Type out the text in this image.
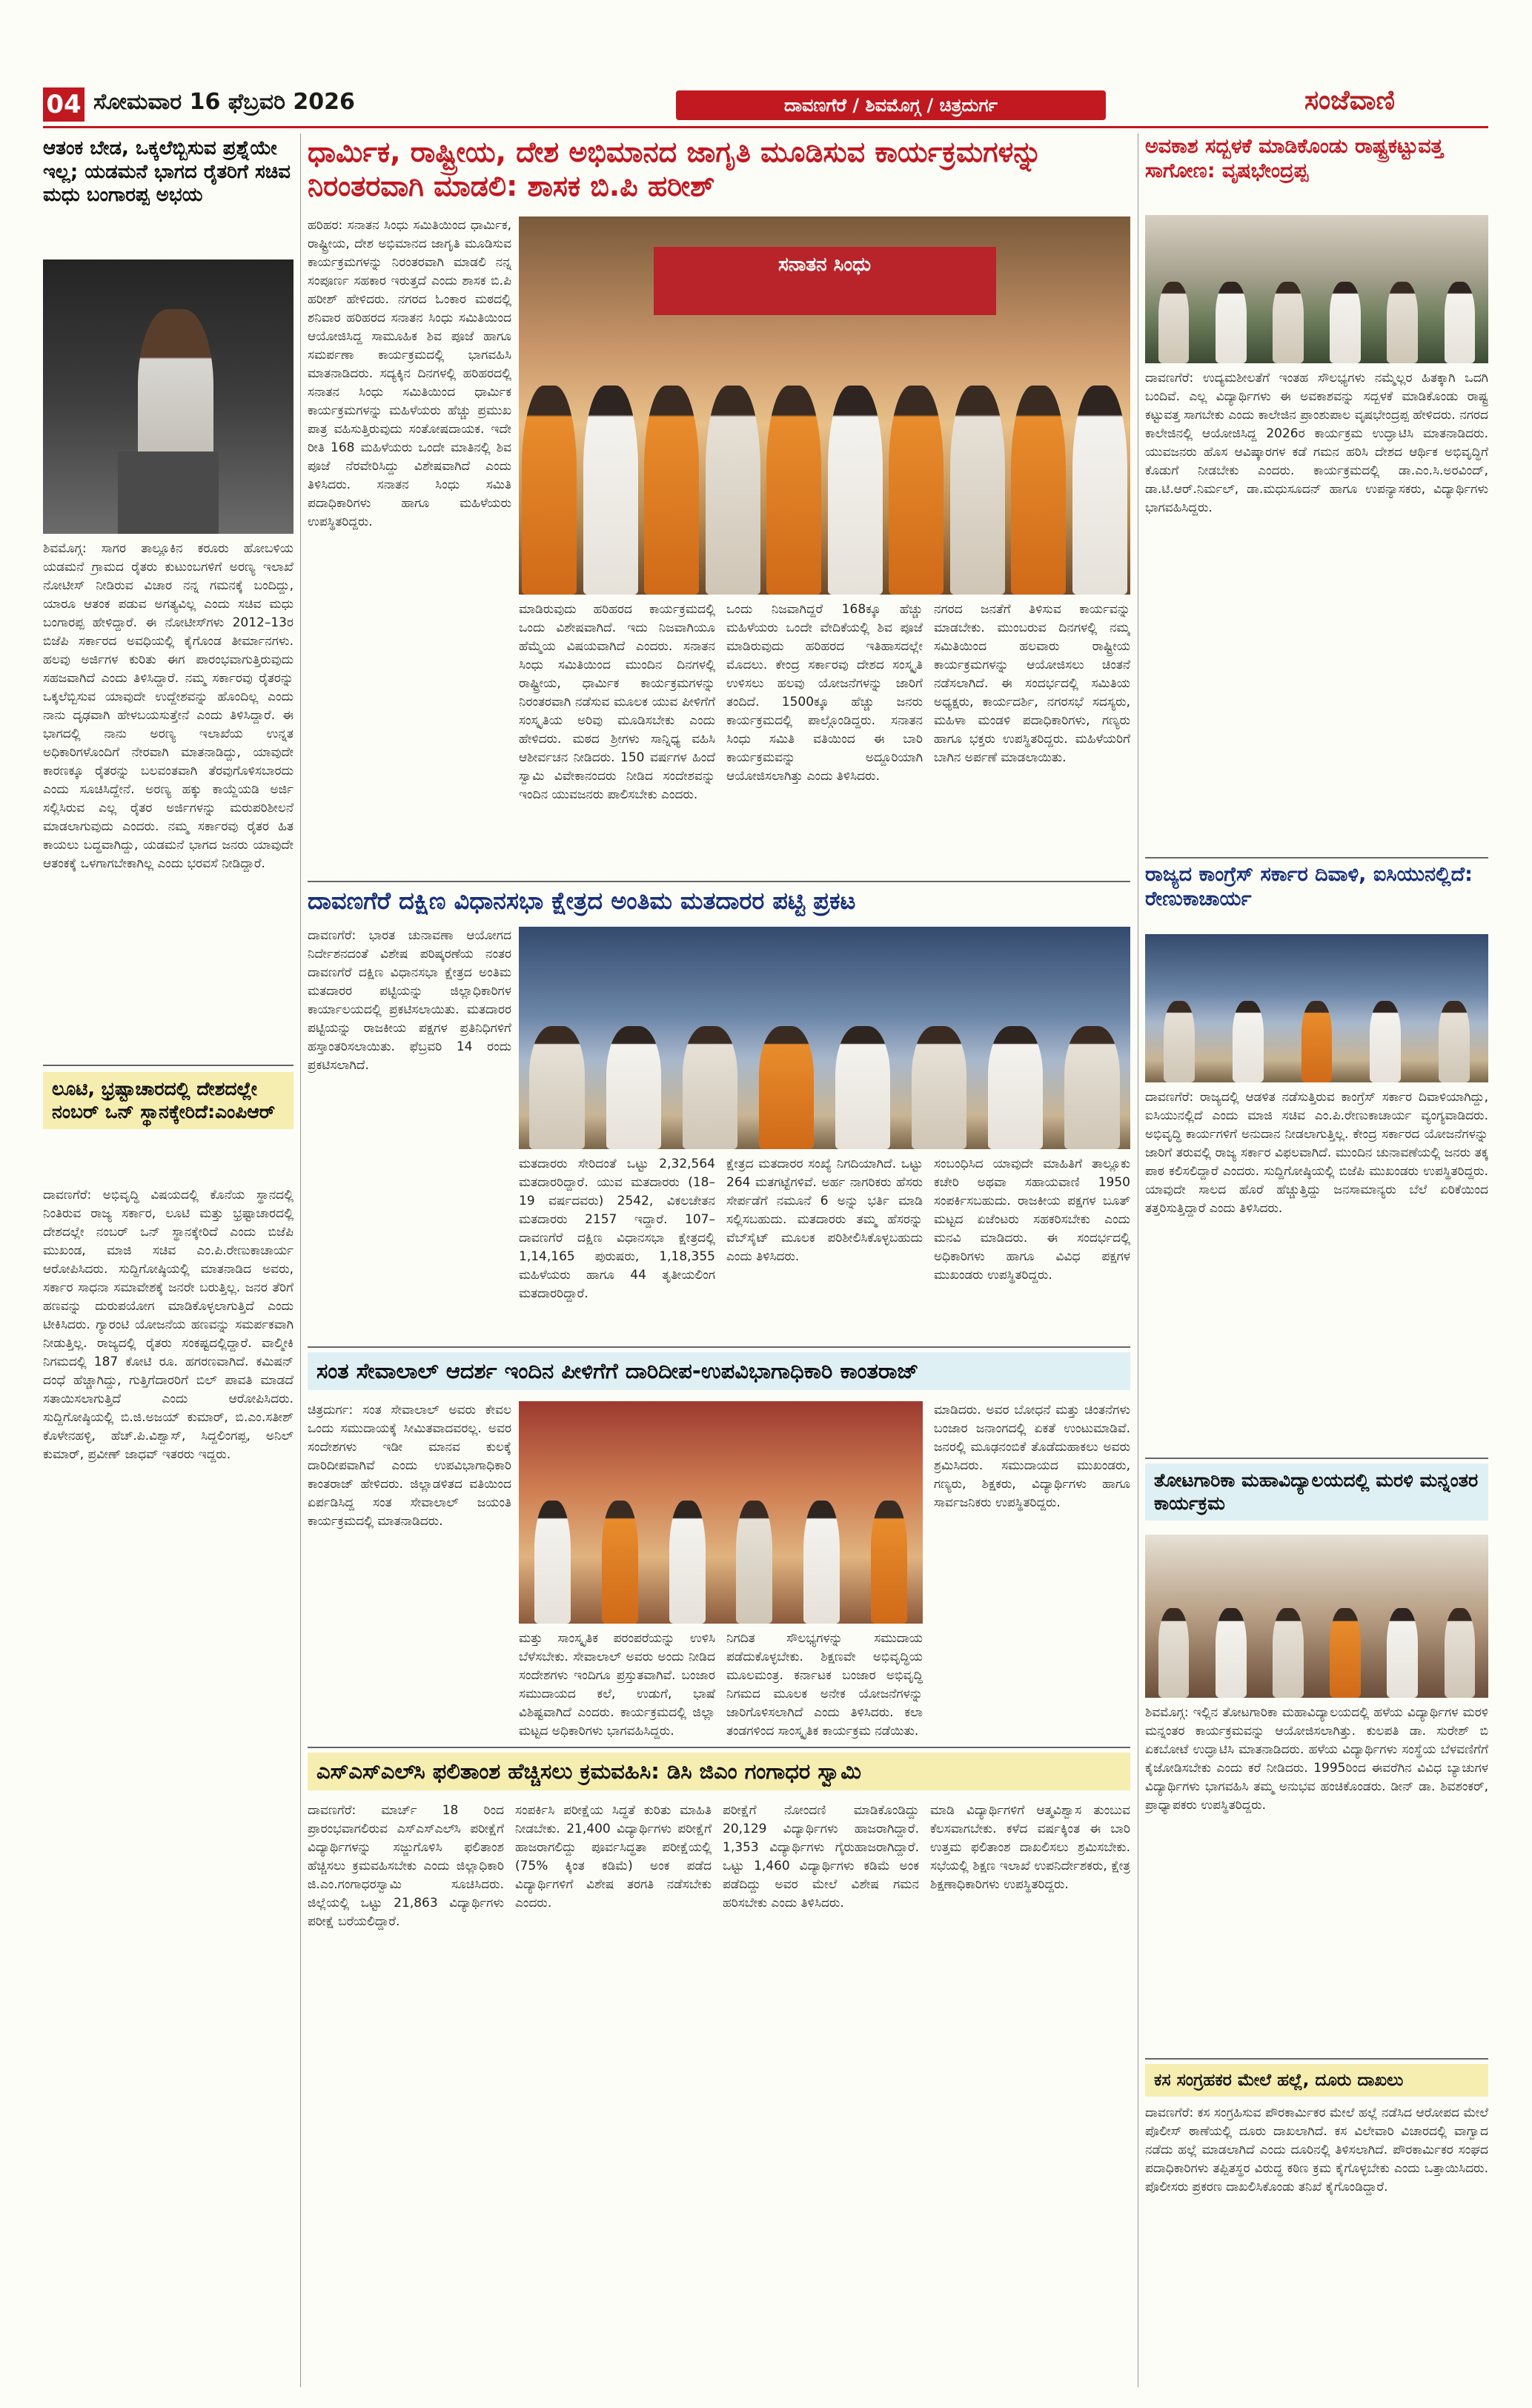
04 ಸೋಮವಾರ 16 ಫೆಬ್ರವರಿ 2026	ದಾವಣಗೆರೆ / ಶಿವಮೊಗ್ಗ / ಚಿತ್ರದುರ್ಗ	ಸಂಜೆವಾಣಿ
ಆತಂಕ ಬೇಡ, ಒಕ್ಕಲೆಬ್ಬಿಸುವ ಪ್ರಶ್ನೆಯೇ ಇಲ್ಲ; ಯಡಮನೆ ಭಾಗದ ರೈತರಿಗೆ ಸಚಿವ ಮಧು ಬಂಗಾರಪ್ಪ ಅಭಯ
ಶಿವಮೊಗ್ಗ: ಸಾಗರ ತಾಲ್ಲೂಕಿನ ಕರೂರು ಹೋಬಳಿಯ ಯಡಮನೆ ಗ್ರಾಮದ ರೈತರು ಕುಟುಂಬಗಳಿಗೆ ಅರಣ್ಯ ಇಲಾಖೆ ನೋಟೀಸ್ ನೀಡಿರುವ ವಿಚಾರ ನನ್ನ ಗಮನಕ್ಕೆ ಬಂದಿದ್ದು, ಯಾರೂ ಆತಂಕ ಪಡುವ ಅಗತ್ಯವಿಲ್ಲ ಎಂದು ಸಚಿವ ಮಧು ಬಂಗಾರಪ್ಪ ಹೇಳಿದ್ದಾರೆ. ಈ ನೋಟೀಸ್‍ಗಳು 2012–13ರ ಬಿಜೆಪಿ ಸರ್ಕಾರದ ಅವಧಿಯಲ್ಲಿ ಕೈಗೊಂಡ ತೀರ್ಮಾನಗಳು. ಹಲವು ಅರ್ಜಿಗಳ ಕುರಿತು ಈಗ ಪಾರಂಭವಾಗುತ್ತಿರುವುದು ಸಹಜವಾಗಿದೆ ಎಂದು ತಿಳಿಸಿದ್ದಾರೆ. ನಮ್ಮ ಸರ್ಕಾರವು ರೈತರನ್ನು ಒಕ್ಕಲೆಬ್ಬಿಸುವ ಯಾವುದೇ ಉದ್ದೇಶವನ್ನು ಹೊಂದಿಲ್ಲ ಎಂದು ನಾನು ದೃಢವಾಗಿ ಹೇಳಬಯಸುತ್ತೇನೆ ಎಂದು ತಿಳಿಸಿದ್ದಾರೆ. ಈ ಭಾಗದಲ್ಲಿ ನಾನು ಅರಣ್ಯ ಇಲಾಖೆಯ ಉನ್ನತ ಅಧಿಕಾರಿಗಳೊಂದಿಗೆ ನೇರವಾಗಿ ಮಾತನಾಡಿದ್ದು, ಯಾವುದೇ ಕಾರಣಕ್ಕೂ ರೈತರನ್ನು ಬಲವಂತವಾಗಿ ತೆರವುಗೊಳಿಸಬಾರದು ಎಂದು ಸೂಚಿಸಿದ್ದೇನೆ. ಅರಣ್ಯ ಹಕ್ಕು ಕಾಯ್ದೆಯಡಿ ಅರ್ಜಿ ಸಲ್ಲಿಸಿರುವ ಎಲ್ಲ ರೈತರ ಅರ್ಜಿಗಳನ್ನು ಮರುಪರಿಶೀಲನೆ ಮಾಡಲಾಗುವುದು ಎಂದರು. ನಮ್ಮ ಸರ್ಕಾರವು ರೈತರ ಹಿತ ಕಾಯಲು ಬದ್ಧವಾಗಿದ್ದು, ಯಡಮನೆ ಭಾಗದ ಜನರು ಯಾವುದೇ ಆತಂಕಕ್ಕೆ ಒಳಗಾಗಬೇಕಾಗಿಲ್ಲ ಎಂದು ಭರವಸೆ ನೀಡಿದ್ದಾರೆ.
ಲೂಟಿ, ಭ್ರಷ್ಟಾಚಾರದಲ್ಲಿ ದೇಶದಲ್ಲೇ ನಂಬರ್ ಒನ್ ಸ್ಥಾನಕ್ಕೇರಿದೆ:ಎಂಪಿಆರ್
ದಾವಣಗೆರೆ: ಅಭಿವೃದ್ಧಿ ವಿಷಯದಲ್ಲಿ ಕೊನೆಯ ಸ್ಥಾನದಲ್ಲಿ ನಿಂತಿರುವ ರಾಜ್ಯ ಸರ್ಕಾರ, ಲೂಟಿ ಮತ್ತು ಭ್ರಷ್ಟಾಚಾರದಲ್ಲಿ ದೇಶದಲ್ಲೇ ನಂಬರ್ ಒನ್ ಸ್ಥಾನಕ್ಕೇರಿದೆ ಎಂದು ಬಿಜೆಪಿ ಮುಖಂಡ, ಮಾಜಿ ಸಚಿವ ಎಂ.ಪಿ.ರೇಣುಕಾಚಾರ್ಯ ಆರೋಪಿಸಿದರು. ಸುದ್ದಿಗೋಷ್ಠಿಯಲ್ಲಿ ಮಾತನಾಡಿದ ಅವರು, ಸರ್ಕಾರ ಸಾಧನಾ ಸಮಾವೇಶಕ್ಕೆ ಜನರೇ ಬರುತ್ತಿಲ್ಲ. ಜನರ ತೆರಿಗೆ ಹಣವನ್ನು ದುರುಪಯೋಗ ಮಾಡಿಕೊಳ್ಳಲಾಗುತ್ತಿದೆ ಎಂದು ಟೀಕಿಸಿದರು. ಗ್ಯಾರಂಟಿ ಯೋಜನೆಯ ಹಣವನ್ನು ಸಮರ್ಪಕವಾಗಿ ನೀಡುತ್ತಿಲ್ಲ. ರಾಜ್ಯದಲ್ಲಿ ರೈತರು ಸಂಕಷ್ಟದಲ್ಲಿದ್ದಾರೆ. ವಾಲ್ಮೀಕಿ ನಿಗಮದಲ್ಲಿ 187 ಕೋಟಿ ರೂ. ಹಗರಣವಾಗಿದೆ. ಕಮಿಷನ್ ದಂಧೆ ಹೆಚ್ಚಾಗಿದ್ದು, ಗುತ್ತಿಗೆದಾರರಿಗೆ ಬಿಲ್ ಪಾವತಿ ಮಾಡದೆ ಸತಾಯಿಸಲಾಗುತ್ತಿದೆ ಎಂದು ಆರೋಪಿಸಿದರು. ಸುದ್ದಿಗೋಷ್ಠಿಯಲ್ಲಿ ಬಿ.ಜಿ.ಅಜಯ್ ಕುಮಾರ್, ಬಿ.ಎಂ.ಸತೀಶ್ ಕೊಳೇನಹಳ್ಳಿ, ಹೆಚ್.ಪಿ.ವಿಶ್ವಾಸ್, ಸಿದ್ದಲಿಂಗಪ್ಪ, ಅನಿಲ್ ಕುಮಾರ್, ಪ್ರವೀಣ್ ಜಾಧವ್ ಇತರರು ಇದ್ದರು.
ಧಾರ್ಮಿಕ, ರಾಷ್ಟ್ರೀಯ, ದೇಶ ಅಭಿಮಾನದ ಜಾಗೃತಿ ಮೂಡಿಸುವ ಕಾರ್ಯಕ್ರಮಗಳನ್ನು ನಿರಂತರವಾಗಿ ಮಾಡಲಿ: ಶಾಸಕ ಬಿ.ಪಿ ಹರೀಶ್
ಹರಿಹರ: ಸನಾತನ ಸಿಂಧು ಸಮಿತಿಯಿಂದ ಧಾರ್ಮಿಕ, ರಾಷ್ಟ್ರೀಯ, ದೇಶ ಅಭಿಮಾನದ ಜಾಗೃತಿ ಮೂಡಿಸುವ ಕಾರ್ಯಕ್ರಮಗಳನ್ನು ನಿರಂತರವಾಗಿ ಮಾಡಲಿ ನನ್ನ ಸಂಪೂರ್ಣ ಸಹಕಾರ ಇರುತ್ತದೆ ಎಂದು ಶಾಸಕ ಬಿ.ಪಿ ಹರೀಶ್ ಹೇಳಿದರು. ನಗರದ ಓಂಕಾರ ಮಠದಲ್ಲಿ ಶನಿವಾರ ಹರಿಹರದ ಸನಾತನ ಸಿಂಧು ಸಮಿತಿಯಿಂದ ಆಯೋಜಿಸಿದ್ದ ಸಾಮೂಹಿಕ ಶಿವ ಪೂಜೆ ಹಾಗೂ ಸಮರ್ಪಣಾ ಕಾರ್ಯಕ್ರಮದಲ್ಲಿ ಭಾಗವಹಿಸಿ ಮಾತನಾಡಿದರು. ಸದ್ಯಕ್ಕಿನ ದಿನಗಳಲ್ಲಿ ಹರಿಹರದಲ್ಲಿ ಸನಾತನ ಸಿಂಧು ಸಮಿತಿಯಿಂದ ಧಾರ್ಮಿಕ ಕಾರ್ಯಕ್ರಮಗಳನ್ನು ಮಹಿಳೆಯರು ಹೆಚ್ಚು ಪ್ರಮುಖ ಪಾತ್ರ ವಹಿಸುತ್ತಿರುವುದು ಸಂತೋಷದಾಯಕ. ಇದೇ ರೀತಿ 168 ಮಹಿಳೆಯರು ಒಂದೇ ಮಾತಿನಲ್ಲಿ ಶಿವ ಪೂಜೆ ನೆರವೇರಿಸಿದ್ದು ವಿಶೇಷವಾಗಿದೆ ಎಂದು ತಿಳಿಸಿದರು. ಸನಾತನ ಸಿಂಧು ಸಮಿತಿ ಪದಾಧಿಕಾರಿಗಳು ಹಾಗೂ ಮಹಿಳೆಯರು ಉಪಸ್ಥಿತರಿದ್ದರು.
ಸನಾತನ ಸಿಂಧು
ಮಾಡಿರುವುದು ಹರಿಹರದ ಕಾರ್ಯಕ್ರಮದಲ್ಲಿ ಒಂದು ವಿಶೇಷವಾಗಿದೆ. ಇದು ನಿಜವಾಗಿಯೂ ಹೆಮ್ಮೆಯ ವಿಷಯವಾಗಿದೆ ಎಂದರು. ಸನಾತನ ಸಿಂಧು ಸಮಿತಿಯಿಂದ ಮುಂದಿನ ದಿನಗಳಲ್ಲಿ ರಾಷ್ಟ್ರೀಯ, ಧಾರ್ಮಿಕ ಕಾರ್ಯಕ್ರಮಗಳನ್ನು ನಿರಂತರವಾಗಿ ನಡೆಸುವ ಮೂಲಕ ಯುವ ಪೀಳಿಗೆಗೆ ಸಂಸ್ಕೃತಿಯ ಅರಿವು ಮೂಡಿಸಬೇಕು ಎಂದು ಹೇಳಿದರು. ಮಠದ ಶ್ರೀಗಳು ಸಾನ್ನಿಧ್ಯ ವಹಿಸಿ ಆಶೀರ್ವಚನ ನೀಡಿದರು. 150 ವರ್ಷಗಳ ಹಿಂದೆ ಸ್ವಾಮಿ ವಿವೇಕಾನಂದರು ನೀಡಿದ ಸಂದೇಶವನ್ನು ಇಂದಿನ ಯುವಜನರು ಪಾಲಿಸಬೇಕು ಎಂದರು.
ಒಂದು ನಿಜವಾಗಿದ್ದರೆ 168ಕ್ಕೂ ಹೆಚ್ಚು ಮಹಿಳೆಯರು ಒಂದೇ ವೇದಿಕೆಯಲ್ಲಿ ಶಿವ ಪೂಜೆ ಮಾಡಿರುವುದು ಹರಿಹರದ ಇತಿಹಾಸದಲ್ಲೇ ಮೊದಲು. ಕೇಂದ್ರ ಸರ್ಕಾರವು ದೇಶದ ಸಂಸ್ಕೃತಿ ಉಳಿಸಲು ಹಲವು ಯೋಜನೆಗಳನ್ನು ಜಾರಿಗೆ ತಂದಿದೆ. 1500ಕ್ಕೂ ಹೆಚ್ಚು ಜನರು ಕಾರ್ಯಕ್ರಮದಲ್ಲಿ ಪಾಲ್ಗೊಂಡಿದ್ದರು. ಸನಾತನ ಸಿಂಧು ಸಮಿತಿ ವತಿಯಿಂದ ಈ ಬಾರಿ ಕಾರ್ಯಕ್ರಮವನ್ನು ಅದ್ದೂರಿಯಾಗಿ ಆಯೋಜಿಸಲಾಗಿತ್ತು ಎಂದು ತಿಳಿಸಿದರು.
ನಗರದ ಜನತೆಗೆ ತಿಳಿಸುವ ಕಾರ್ಯವನ್ನು ಮಾಡಬೇಕು. ಮುಂಬರುವ ದಿನಗಳಲ್ಲಿ ನಮ್ಮ ಸಮಿತಿಯಿಂದ ಹಲವಾರು ರಾಷ್ಟ್ರೀಯ ಕಾರ್ಯಕ್ರಮಗಳನ್ನು ಆಯೋಜಿಸಲು ಚಿಂತನೆ ನಡೆಸಲಾಗಿದೆ. ಈ ಸಂದರ್ಭದಲ್ಲಿ ಸಮಿತಿಯ ಅಧ್ಯಕ್ಷರು, ಕಾರ್ಯದರ್ಶಿ, ನಗರಸಭೆ ಸದಸ್ಯರು, ಮಹಿಳಾ ಮಂಡಳಿ ಪದಾಧಿಕಾರಿಗಳು, ಗಣ್ಯರು ಹಾಗೂ ಭಕ್ತರು ಉಪಸ್ಥಿತರಿದ್ದರು. ಮಹಿಳೆಯರಿಗೆ ಬಾಗಿನ ಅರ್ಪಣೆ ಮಾಡಲಾಯಿತು.
ದಾವಣಗೆರೆ ದಕ್ಷಿಣ ವಿಧಾನಸಭಾ ಕ್ಷೇತ್ರದ ಅಂತಿಮ ಮತದಾರರ ಪಟ್ಟಿ ಪ್ರಕಟ
ದಾವಣಗೆರೆ: ಭಾರತ ಚುನಾವಣಾ ಆಯೋಗದ ನಿರ್ದೇಶನದಂತೆ ವಿಶೇಷ ಪರಿಷ್ಕರಣೆಯ ನಂತರ ದಾವಣಗೆರೆ ದಕ್ಷಿಣ ವಿಧಾನಸಭಾ ಕ್ಷೇತ್ರದ ಅಂತಿಮ ಮತದಾರರ ಪಟ್ಟಿಯನ್ನು ಜಿಲ್ಲಾಧಿಕಾರಿಗಳ ಕಾರ್ಯಾಲಯದಲ್ಲಿ ಪ್ರಕಟಿಸಲಾಯಿತು. ಮತದಾರರ ಪಟ್ಟಿಯನ್ನು ರಾಜಕೀಯ ಪಕ್ಷಗಳ ಪ್ರತಿನಿಧಿಗಳಿಗೆ ಹಸ್ತಾಂತರಿಸಲಾಯಿತು. ಫೆಬ್ರವರಿ 14 ರಂದು ಪ್ರಕಟಿಸಲಾಗಿದೆ.
ಮತದಾರರು ಸೇರಿದಂತೆ ಒಟ್ಟು 2,32,564 ಮತದಾರರಿದ್ದಾರೆ. ಯುವ ಮತದಾರರು (18–19 ವರ್ಷದವರು) 2542, ವಿಕಲಚೇತನ ಮತದಾರರು 2157 ಇದ್ದಾರೆ. 107–ದಾವಣಗೆರೆ ದಕ್ಷಿಣ ವಿಧಾನಸಭಾ ಕ್ಷೇತ್ರದಲ್ಲಿ 1,14,165 ಪುರುಷರು, 1,18,355 ಮಹಿಳೆಯರು ಹಾಗೂ 44 ತೃತೀಯಲಿಂಗ ಮತದಾರರಿದ್ದಾರೆ.
ಕ್ಷೇತ್ರದ ಮತದಾರರ ಸಂಖ್ಯೆ ನಿಗದಿಯಾಗಿದೆ. ಒಟ್ಟು 264 ಮತಗಟ್ಟೆಗಳಿವೆ. ಅರ್ಹ ನಾಗರಿಕರು ಹೆಸರು ಸೇರ್ಪಡೆಗೆ ನಮೂನೆ 6 ಅನ್ನು ಭರ್ತಿ ಮಾಡಿ ಸಲ್ಲಿಸಬಹುದು. ಮತದಾರರು ತಮ್ಮ ಹೆಸರನ್ನು ವೆಬ್‍ಸೈಟ್ ಮೂಲಕ ಪರಿಶೀಲಿಸಿಕೊಳ್ಳಬಹುದು ಎಂದು ತಿಳಿಸಿದರು.
ಸಂಬಂಧಿಸಿದ ಯಾವುದೇ ಮಾಹಿತಿಗೆ ತಾಲ್ಲೂಕು ಕಚೇರಿ ಅಥವಾ ಸಹಾಯವಾಣಿ 1950 ಸಂಪರ್ಕಿಸಬಹುದು. ರಾಜಕೀಯ ಪಕ್ಷಗಳ ಬೂತ್ ಮಟ್ಟದ ಏಜೆಂಟರು ಸಹಕರಿಸಬೇಕು ಎಂದು ಮನವಿ ಮಾಡಿದರು. ಈ ಸಂದರ್ಭದಲ್ಲಿ ಅಧಿಕಾರಿಗಳು ಹಾಗೂ ವಿವಿಧ ಪಕ್ಷಗಳ ಮುಖಂಡರು ಉಪಸ್ಥಿತರಿದ್ದರು.
ಸಂತ ಸೇವಾಲಾಲ್ ಆದರ್ಶ ಇಂದಿನ ಪೀಳಿಗೆಗೆ ದಾರಿದೀಪ-ಉಪವಿಭಾಗಾಧಿಕಾರಿ ಕಾಂತರಾಜ್
ಚಿತ್ರದುರ್ಗ: ಸಂತ ಸೇವಾಲಾಲ್ ಅವರು ಕೇವಲ ಒಂದು ಸಮುದಾಯಕ್ಕೆ ಸೀಮಿತವಾದವರಲ್ಲ. ಅವರ ಸಂದೇಶಗಳು ಇಡೀ ಮಾನವ ಕುಲಕ್ಕೆ ದಾರಿದೀಪವಾಗಿವೆ ಎಂದು ಉಪವಿಭಾಗಾಧಿಕಾರಿ ಕಾಂತರಾಜ್ ಹೇಳಿದರು. ಜಿಲ್ಲಾಡಳಿತದ ವತಿಯಿಂದ ಏರ್ಪಡಿಸಿದ್ದ ಸಂತ ಸೇವಾಲಾಲ್ ಜಯಂತಿ ಕಾರ್ಯಕ್ರಮದಲ್ಲಿ ಮಾತನಾಡಿದರು.
ಮಾಡಿದರು. ಅವರ ಬೋಧನೆ ಮತ್ತು ಚಿಂತನೆಗಳು ಬಂಜಾರ ಜನಾಂಗದಲ್ಲಿ ಏಕತೆ ಉಂಟುಮಾಡಿವೆ. ಜನರಲ್ಲಿ ಮೂಢನಂಬಿಕೆ ತೊಡೆದುಹಾಕಲು ಅವರು ಶ್ರಮಿಸಿದರು. ಸಮುದಾಯದ ಮುಖಂಡರು, ಗಣ್ಯರು, ಶಿಕ್ಷಕರು, ವಿದ್ಯಾರ್ಥಿಗಳು ಹಾಗೂ ಸಾರ್ವಜನಿಕರು ಉಪಸ್ಥಿತರಿದ್ದರು.
ಮತ್ತು ಸಾಂಸ್ಕೃತಿಕ ಪರಂಪರೆಯನ್ನು ಉಳಿಸಿ ಬೆಳೆಸಬೇಕು. ಸೇವಾಲಾಲ್ ಅವರು ಅಂದು ನೀಡಿದ ಸಂದೇಶಗಳು ಇಂದಿಗೂ ಪ್ರಸ್ತುತವಾಗಿವೆ. ಬಂಜಾರ ಸಮುದಾಯದ ಕಲೆ, ಉಡುಗೆ, ಭಾಷೆ ವಿಶಿಷ್ಟವಾಗಿದೆ ಎಂದರು. ಕಾರ್ಯಕ್ರಮದಲ್ಲಿ ಜಿಲ್ಲಾ ಮಟ್ಟದ ಅಧಿಕಾರಿಗಳು ಭಾಗವಹಿಸಿದ್ದರು.
ನಿಗದಿತ ಸೌಲಭ್ಯಗಳನ್ನು ಸಮುದಾಯ ಪಡೆದುಕೊಳ್ಳಬೇಕು. ಶಿಕ್ಷಣವೇ ಅಭಿವೃದ್ಧಿಯ ಮೂಲಮಂತ್ರ. ಕರ್ನಾಟಕ ಬಂಜಾರ ಅಭಿವೃದ್ಧಿ ನಿಗಮದ ಮೂಲಕ ಅನೇಕ ಯೋಜನೆಗಳನ್ನು ಜಾರಿಗೊಳಿಸಲಾಗಿದೆ ಎಂದು ತಿಳಿಸಿದರು. ಕಲಾ ತಂಡಗಳಿಂದ ಸಾಂಸ್ಕೃತಿಕ ಕಾರ್ಯಕ್ರಮ ನಡೆಯಿತು.
ಎಸ್‍ಎಸ್‍ಎಲ್‍ಸಿ ಫಲಿತಾಂಶ ಹೆಚ್ಚಿಸಲು ಕ್ರಮವಹಿಸಿ: ಡಿಸಿ ಜಿಎಂ ಗಂಗಾಧರ ಸ್ವಾಮಿ
ದಾವಣಗೆರೆ: ಮಾರ್ಚ್ 18 ರಿಂದ ಪ್ರಾರಂಭವಾಗಲಿರುವ ಎಸ್‍ಎಸ್‍ಎಲ್‍ಸಿ ಪರೀಕ್ಷೆಗೆ ವಿದ್ಯಾರ್ಥಿಗಳನ್ನು ಸಜ್ಜುಗೊಳಿಸಿ ಫಲಿತಾಂಶ ಹೆಚ್ಚಿಸಲು ಕ್ರಮವಹಿಸಬೇಕು ಎಂದು ಜಿಲ್ಲಾಧಿಕಾರಿ ಜಿ.ಎಂ.ಗಂಗಾಧರಸ್ವಾಮಿ ಸೂಚಿಸಿದರು. ಜಿಲ್ಲೆಯಲ್ಲಿ ಒಟ್ಟು 21,863 ವಿದ್ಯಾರ್ಥಿಗಳು ಪರೀಕ್ಷೆ ಬರೆಯಲಿದ್ದಾರೆ.
ಸಂಪರ್ಕಿಸಿ ಪರೀಕ್ಷೆಯ ಸಿದ್ಧತೆ ಕುರಿತು ಮಾಹಿತಿ ನೀಡಬೇಕು. 21,400 ವಿದ್ಯಾರ್ಥಿಗಳು ಪರೀಕ್ಷೆಗೆ ಹಾಜರಾಗಲಿದ್ದು ಪೂರ್ವಸಿದ್ಧತಾ ಪರೀಕ್ಷೆಯಲ್ಲಿ (75% ಕ್ಕಿಂತ ಕಡಿಮೆ) ಅಂಕ ಪಡೆದ ವಿದ್ಯಾರ್ಥಿಗಳಿಗೆ ವಿಶೇಷ ತರಗತಿ ನಡೆಸಬೇಕು ಎಂದರು.
ಪರೀಕ್ಷೆಗೆ ನೋಂದಣಿ ಮಾಡಿಕೊಂಡಿದ್ದು 20,129 ವಿದ್ಯಾರ್ಥಿಗಳು ಹಾಜರಾಗಿದ್ದಾರೆ. 1,353 ವಿದ್ಯಾರ್ಥಿಗಳು ಗೈರುಹಾಜರಾಗಿದ್ದಾರೆ. ಒಟ್ಟು 1,460 ವಿದ್ಯಾರ್ಥಿಗಳು ಕಡಿಮೆ ಅಂಕ ಪಡೆದಿದ್ದು ಅವರ ಮೇಲೆ ವಿಶೇಷ ಗಮನ ಹರಿಸಬೇಕು ಎಂದು ತಿಳಿಸಿದರು.
ಮಾಡಿ ವಿದ್ಯಾರ್ಥಿಗಳಿಗೆ ಆತ್ಮವಿಶ್ವಾಸ ತುಂಬುವ ಕೆಲಸವಾಗಬೇಕು. ಕಳೆದ ವರ್ಷಕ್ಕಿಂತ ಈ ಬಾರಿ ಉತ್ತಮ ಫಲಿತಾಂಶ ದಾಖಲಿಸಲು ಶ್ರಮಿಸಬೇಕು. ಸಭೆಯಲ್ಲಿ ಶಿಕ್ಷಣ ಇಲಾಖೆ ಉಪನಿರ್ದೇಶಕರು, ಕ್ಷೇತ್ರ ಶಿಕ್ಷಣಾಧಿಕಾರಿಗಳು ಉಪಸ್ಥಿತರಿದ್ದರು.
ಅವಕಾಶ ಸದ್ಬಳಕೆ ಮಾಡಿಕೊಂಡು ರಾಷ್ಟ್ರಕಟ್ಟುವತ್ತ ಸಾಗೋಣ: ವೃಷಭೇಂದ್ರಪ್ಪ
ದಾವಣಗೆರೆ: ಉದ್ಯಮಶೀಲತೆಗೆ ಇಂತಹ ಸೌಲಭ್ಯಗಳು ನಮ್ಮೆಲ್ಲರ ಹಿತಕ್ಕಾಗಿ ಒದಗಿ ಬಂದಿವೆ. ಎಲ್ಲ ವಿದ್ಯಾರ್ಥಿಗಳು ಈ ಅವಕಾಶವನ್ನು ಸದ್ಬಳಕೆ ಮಾಡಿಕೊಂಡು ರಾಷ್ಟ್ರ ಕಟ್ಟುವತ್ತ ಸಾಗಬೇಕು ಎಂದು ಕಾಲೇಜಿನ ಪ್ರಾಂಶುಪಾಲ ವೃಷಭೇಂದ್ರಪ್ಪ ಹೇಳಿದರು. ನಗರದ ಕಾಲೇಜಿನಲ್ಲಿ ಆಯೋಜಿಸಿದ್ದ 2026ರ ಕಾರ್ಯಕ್ರಮ ಉದ್ಘಾಟಿಸಿ ಮಾತನಾಡಿದರು. ಯುವಜನರು ಹೊಸ ಆವಿಷ್ಕಾರಗಳ ಕಡೆ ಗಮನ ಹರಿಸಿ ದೇಶದ ಆರ್ಥಿಕ ಅಭಿವೃದ್ಧಿಗೆ ಕೊಡುಗೆ ನೀಡಬೇಕು ಎಂದರು. ಕಾರ್ಯಕ್ರಮದಲ್ಲಿ ಡಾ.ಎಂ.ಸಿ.ಅರವಿಂದ್, ಡಾ.ಟಿ.ಆರ್.ನಿರ್ಮಲ್, ಡಾ.ಮಧುಸೂದನ್ ಹಾಗೂ ಉಪನ್ಯಾಸಕರು, ವಿದ್ಯಾರ್ಥಿಗಳು ಭಾಗವಹಿಸಿದ್ದರು.
ರಾಜ್ಯದ ಕಾಂಗ್ರೆಸ್ ಸರ್ಕಾರ ದಿವಾಳಿ, ಐಸಿಯುನಲ್ಲಿದೆ: ರೇಣುಕಾಚಾರ್ಯ
ದಾವಣಗೆರೆ: ರಾಜ್ಯದಲ್ಲಿ ಆಡಳಿತ ನಡೆಸುತ್ತಿರುವ ಕಾಂಗ್ರೆಸ್ ಸರ್ಕಾರ ದಿವಾಳಿಯಾಗಿದ್ದು, ಐಸಿಯುನಲ್ಲಿದೆ ಎಂದು ಮಾಜಿ ಸಚಿವ ಎಂ.ಪಿ.ರೇಣುಕಾಚಾರ್ಯ ವ್ಯಂಗ್ಯವಾಡಿದರು. ಅಭಿವೃದ್ಧಿ ಕಾರ್ಯಗಳಿಗೆ ಅನುದಾನ ನೀಡಲಾಗುತ್ತಿಲ್ಲ. ಕೇಂದ್ರ ಸರ್ಕಾರದ ಯೋಜನೆಗಳನ್ನು ಜಾರಿಗೆ ತರುವಲ್ಲಿ ರಾಜ್ಯ ಸರ್ಕಾರ ವಿಫಲವಾಗಿದೆ. ಮುಂದಿನ ಚುನಾವಣೆಯಲ್ಲಿ ಜನರು ತಕ್ಕ ಪಾಠ ಕಲಿಸಲಿದ್ದಾರೆ ಎಂದರು. ಸುದ್ದಿಗೋಷ್ಠಿಯಲ್ಲಿ ಬಿಜೆಪಿ ಮುಖಂಡರು ಉಪಸ್ಥಿತರಿದ್ದರು. ಯಾವುದೇ ಸಾಲದ ಹೊರೆ ಹೆಚ್ಚುತ್ತಿದ್ದು ಜನಸಾಮಾನ್ಯರು ಬೆಲೆ ಏರಿಕೆಯಿಂದ ತತ್ತರಿಸುತ್ತಿದ್ದಾರೆ ಎಂದು ತಿಳಿಸಿದರು.
ತೋಟಗಾರಿಕಾ ಮಹಾವಿದ್ಯಾಲಯದಲ್ಲಿ ಮರಳಿ ಮನ್ನಂತರ ಕಾರ್ಯಕ್ರಮ
ಶಿವಮೊಗ್ಗ: ಇಲ್ಲಿನ ತೋಟಗಾರಿಕಾ ಮಹಾವಿದ್ಯಾಲಯದಲ್ಲಿ ಹಳೆಯ ವಿದ್ಯಾರ್ಥಿಗಳ ಮರಳಿ ಮನ್ನಂತರ ಕಾರ್ಯಕ್ರಮವನ್ನು ಆಯೋಜಿಸಲಾಗಿತ್ತು. ಕುಲಪತಿ ಡಾ. ಸುರೇಶ್ ಬಿ ಏಕಬೋಟೆ ಉದ್ಘಾಟಿಸಿ ಮಾತನಾಡಿದರು. ಹಳೆಯ ವಿದ್ಯಾರ್ಥಿಗಳು ಸಂಸ್ಥೆಯ ಬೆಳವಣಿಗೆಗೆ ಕೈಜೋಡಿಸಬೇಕು ಎಂದು ಕರೆ ನೀಡಿದರು. 1995ರಿಂದ ಈವರೆಗಿನ ವಿವಿಧ ಬ್ಯಾಚುಗಳ ವಿದ್ಯಾರ್ಥಿಗಳು ಭಾಗವಹಿಸಿ ತಮ್ಮ ಅನುಭವ ಹಂಚಿಕೊಂಡರು. ಡೀನ್ ಡಾ. ಶಿವಶಂಕರ್, ಪ್ರಾಧ್ಯಾಪಕರು ಉಪಸ್ಥಿತರಿದ್ದರು.
ಕಸ ಸಂಗ್ರಹಕರ ಮೇಲೆ ಹಲ್ಲೆ, ದೂರು ದಾಖಲು
ದಾವಣಗೆರೆ: ಕಸ ಸಂಗ್ರಹಿಸುವ ಪೌರಕಾರ್ಮಿಕರ ಮೇಲೆ ಹಲ್ಲೆ ನಡೆಸಿದ ಆರೋಪದ ಮೇಲೆ ಪೊಲೀಸ್ ಠಾಣೆಯಲ್ಲಿ ದೂರು ದಾಖಲಾಗಿದೆ. ಕಸ ವಿಲೇವಾರಿ ವಿಚಾರದಲ್ಲಿ ವಾಗ್ವಾದ ನಡೆದು ಹಲ್ಲೆ ಮಾಡಲಾಗಿದೆ ಎಂದು ದೂರಿನಲ್ಲಿ ತಿಳಿಸಲಾಗಿದೆ. ಪೌರಕಾರ್ಮಿಕರ ಸಂಘದ ಪದಾಧಿಕಾರಿಗಳು ತಪ್ಪಿತಸ್ಥರ ವಿರುದ್ಧ ಕಠಿಣ ಕ್ರಮ ಕೈಗೊಳ್ಳಬೇಕು ಎಂದು ಒತ್ತಾಯಿಸಿದರು. ಪೊಲೀಸರು ಪ್ರಕರಣ ದಾಖಲಿಸಿಕೊಂಡು ತನಿಖೆ ಕೈಗೊಂಡಿದ್ದಾರೆ.
